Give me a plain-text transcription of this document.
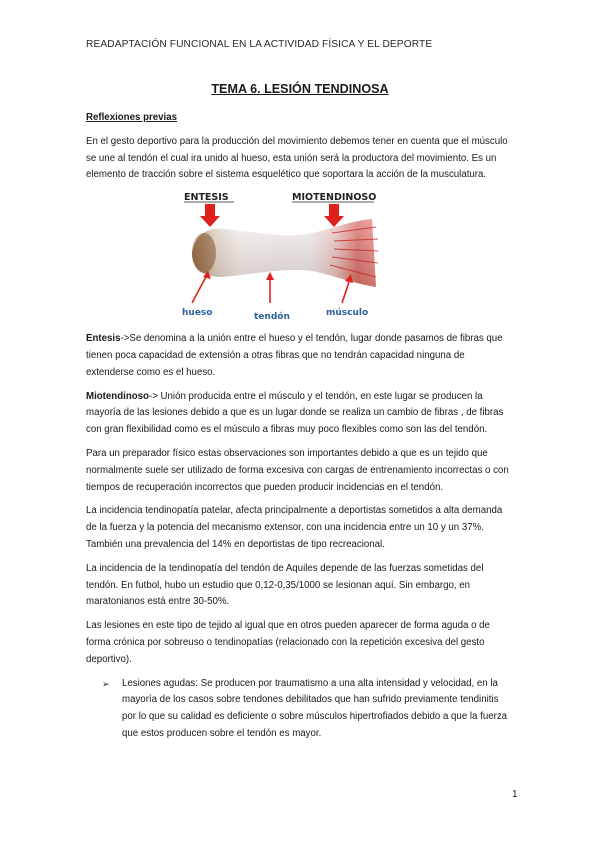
READAPTACIÓN FUNCIONAL EN LA ACTIVIDAD FÍSICA Y EL DEPORTE
TEMA 6. LESIÓN TENDINOSA

Reflexiones previas

En el gesto deportivo para la producción del movimiento debemos tener en cuenta que el músculo se une al tendón el cual ira unido al hueso, esta unión será la productora del movimiento. Es un elemento de tracción sobre el sistema esquelético que soportara la acción de la musculatura.

ENTESIS	MIOTENDINOSO
hueso	tendón	músculo

Entesis->Se denomina a la unión entre el hueso y el tendón, lugar donde pasamos de fibras que tienen poca capacidad de extensión a otras fibras que no tendrán capacidad ninguna de extenderse como es el hueso.

Miotendinoso-> Unión producida entre el músculo y el tendón, en este lugar se producen la mayoría de las lesiones debido a que es un lugar donde se realiza un cambio de fibras , de fibras con gran flexibilidad como es el músculo a fibras muy poco flexibles como son las del tendón.

Para un preparador físico estas observaciones son importantes debido a que es un tejido que normalmente suele ser utilizado de forma excesiva con cargas de entrenamiento incorrectas o con tiempos de recuperación incorrectos que pueden producir incidencias en el tendón.

La incidencia tendinopatía patelar, afecta principalmente a deportistas sometidos a alta demanda de la fuerza y la potencia del mecanismo extensor, con una incidencia entre un 10 y un 37%. También una prevalencia del 14% en deportistas de tipo recreacional.

La incidencia de la tendinopatía del tendón de Aquiles depende de las fuerzas sometidas del tendón. En futbol, hubo un estudio que 0,12-0,35/1000 se lesionan aquí. Sin embargo, en maratonianos está entre 30-50%.

Las lesiones en este tipo de tejido al igual que en otros pueden aparecer de forma aguda o de forma crónica por sobreuso o tendinopatías (relacionado con la repetición excesiva del gesto deportivo).

➢	Lesiones agudas: Se producen por traumatismo a una alta intensidad y velocidad, en la mayoría de los casos sobre tendones debilitados que han sufrido previamente tendinitis por lo que su calidad es deficiente o sobre músculos hipertrofiados debido a que la fuerza que estos producen sobre el tendón es mayor.
1
